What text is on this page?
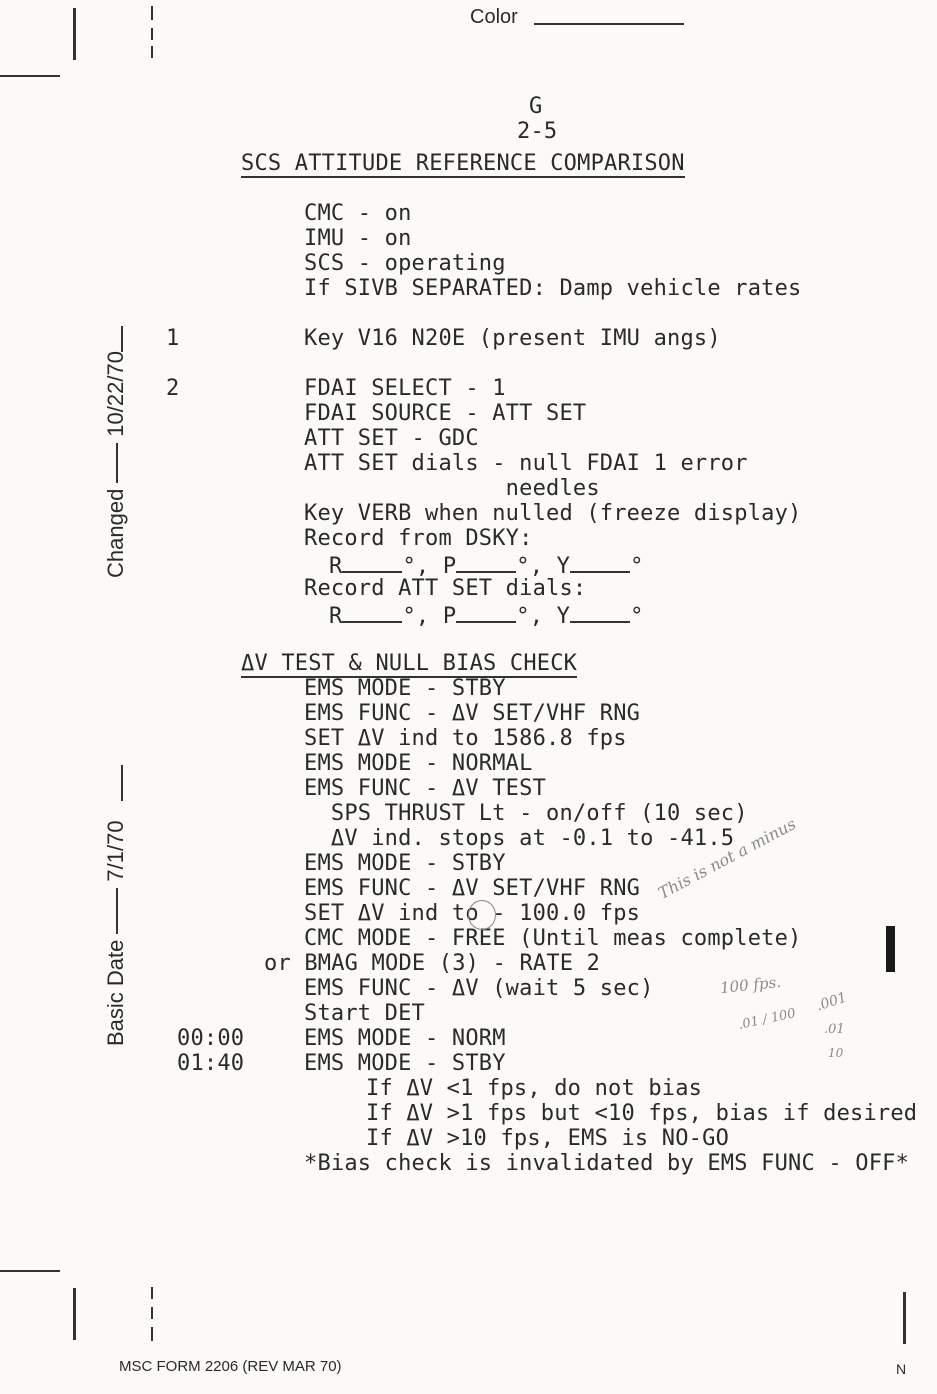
Color
G
2-5
SCS ATTITUDE REFERENCE COMPARISON
CMC - on
IMU - on
SCS - operating
If SIVB SEPARATED: Damp vehicle rates
1	Key V16 N20E (present IMU angs)
2	FDAI SELECT - 1
FDAI SOURCE - ATT SET
ATT SET - GDC
ATT SET dials - null FDAI 1 error
needles
Key VERB when nulled (freeze display)
Record from DSKY:
R	°, P	°, Y	°
Record ATT SET dials:
R	°, P	°, Y	°
ΔV TEST & NULL BIAS CHECK
EMS MODE - STBY
EMS FUNC - ΔV SET/VHF RNG
SET ΔV ind to 1586.8 fps
EMS MODE - NORMAL
EMS FUNC - ΔV TEST
SPS THRUST Lt - on/off (10 sec)
ΔV ind. stops at -0.1 to -41.5
EMS MODE - STBY
EMS FUNC - ΔV SET/VHF RNG
SET ΔV ind to - 100.0 fps
CMC MODE - FREE (Until meas complete)
or BMAG MODE (3) - RATE 2
EMS FUNC - ΔV (wait 5 sec)
Start DET
00:00	EMS MODE - NORM
01:40	EMS MODE - STBY
If ΔV <1 fps, do not bias
If ΔV >1 fps but <10 fps, bias if desired
If ΔV >10 fps, EMS is NO-GO
*Bias check is invalidated by EMS FUNC - OFF*
This is not a minus
100 fps.
.01 / 100
.001
.01
10
Changed10/22/70
Basic Date7/1/70
MSC FORM 2206 (REV MAR 70)	N
